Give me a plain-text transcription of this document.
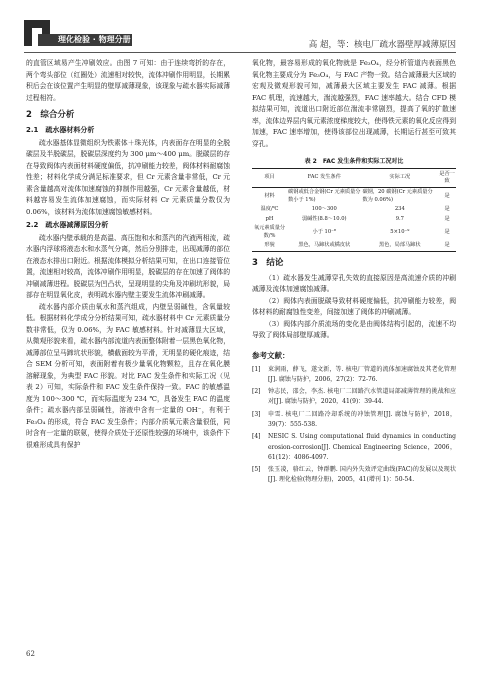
理化检验 · 物理分册
高 超，等：核电厂疏水器壁厚减薄原因

的直管区域易产生冲刷效应。由图 7 可知：由于连续弯折的存在，两个弯头部位（红圈处）流速相对较快，流体冲刷作用明显，长期累积后会在该位置产生明显的壁厚减薄现象，该现象与疏水器实际减薄过程相符。

2　综合分析
2.1　疏水器材料分析

疏水器基体显微组织为铁素体＋珠光体，内表面存在明显的全脱碳层及半脱碳层，脱碳层深度约为 300 μm～400 μm。脱碳层的存在导致阀体内表面材料硬度偏低，抗冲刷能力较差，阀体材料耐腐蚀性差；材料化学成分满足标准要求，但 Cr 元素含量非常低，Cr 元素含量越高对流体加速腐蚀的抑制作用越强，Cr 元素含量越低，材料越容易发生流体加速腐蚀，而实际材料 Cr 元素质量分数仅为 0.06%，该材料为流体加速腐蚀敏感材料。

2.2　疏水器减薄原因分析

疏水器内壁承载的是高温、高压饱和水和蒸汽的汽液两相流，疏水器内浮球将液态水和水蒸气分离，然后分别排走，出现减薄的部位在液态水排出口附近。根据流体模拟分析结果可知，在出口连接管位置，流速相对较高，流体冲刷作用明显，脱碳层的存在加速了阀体的冲刷减薄进程。脱碳层为凹凸状，呈现明显的尖角及冲刷坑形貌，局部存在明显氧化皮，表明疏水器内壁主要发生流体冲刷减薄。

疏水器内部介质由氧水和蒸汽组成，内壁呈弱碱性，含氧量较低。根据材料化学成分分析结果可知，疏水器材料中 Cr 元素质量分数非常低，仅为 0.06%，为 FAC 敏感材料。针对减薄显大区域，从微观形貌来看，疏水器内部流道内表面整体附着一层黑色氧化物，减薄部位呈马蹄坑状形貌，横截面较为平滑，无明显的硬化痕迹，结合 SEM 分析可知，表面附着有极少量氧化物颗粒，且存在氧化膜溶解现象，为典型 FAC 形貌。对比 FAC 发生条件和实际工况（见表 2）可知，实际条件和 FAC 发生条件保持一致。FAC 的敏感温度为 100～300 ℃，而实际温度为 234 ℃，具备发生 FAC 的温度条件；疏水器内部呈弱碱性，溶液中含有一定量的 OH⁻，有利于 Fe₃O₄ 的形成，符合 FAC 发生条件；内部介质氧元素含量很低，同时含有一定量的联氨，使得介质处于还原性较强的环境中，该条件下很难形成具有保护

氧化物，最容易形成的氧化物就是 Fe₃O₄，经分析管道内表面黑色氧化物主要成分为 Fe₃O₄，与 FAC 产物一致。结合减薄最大区域的宏观及微观形貌可知，减薄最大区域主要发生 FAC 减薄。根据 FAC 机理，流速越大，湍流越强烈，FAC 速率越大。结合 CFD 模拟结果可知，流道出口附近部位湍流非常剧烈，提高了氧的扩散速率，流体边界层内氧元素浓度梯度较大，使得铁元素的氧化反应得到加速，FAC 速率增加，使得该部位出现减薄，长期运行甚至可致其穿孔。

表 2　FAC 发生条件和实际工况对比
项目	FAC 发生条件	实际工况	是否一致
材料	碳钢或低合金钢(Cr 元素质量分数小于 1%)	碳钢，20 碳钢(Cr 元素质量分数为 0.06%)	是
温度/℃	100～300	234	是
pH	弱碱性(8.8～10.0)	9.7	是
氧元素质量分数/%	小于 10⁻⁸	5×10⁻⁹	是
形貌	黑色，马蹄状或橘皮状	黑色，局部马蹄状	是
3　结论

（1）疏水器发生减薄穿孔失效的直接原因是高流速介质的冲刷减薄及流体加速腐蚀减薄。

（2）阀体内表面脱碳导致材料硬度偏低，抗冲刷能力较差，阀体材料的耐腐蚀性变差，间接加速了阀体的冲刷减薄。

（3）阀体内部介质流场的变化是由阀体结构引起的，流速不均导致了阀体局部壁厚减薄。

参考文献：
[1]	束润雨，薛飞，遂文新，等. 核电厂管道的流体加速腐蚀及其老化管理[J]. 腐蚀与防护，2006，27(2)：72-76.
[2]	钟志民，邵会，李杰. 核电厂二回路汽水管道局部减薄管理的挑战和应对[J]. 腐蚀与防护，2020，41(9)：39-44.
[3]	申雪. 核电厂二回路冷却系统的冲蚀管理[J]. 腐蚀与防护，2018，39(7)：555-538.
[4]	NESIC S. Using computational fluid dynamics in conducting erosion-corrosion[J]. Chemical Engineering Science，2006，61(12)：4086-4097.
[5]	张玉凌，骆红云，钟群鹏. 国内外失效评定曲线(FAC)的发展以及现状[J]. 理化检验(物理分册)，2005，41(增刊 1)：50-54.
62
